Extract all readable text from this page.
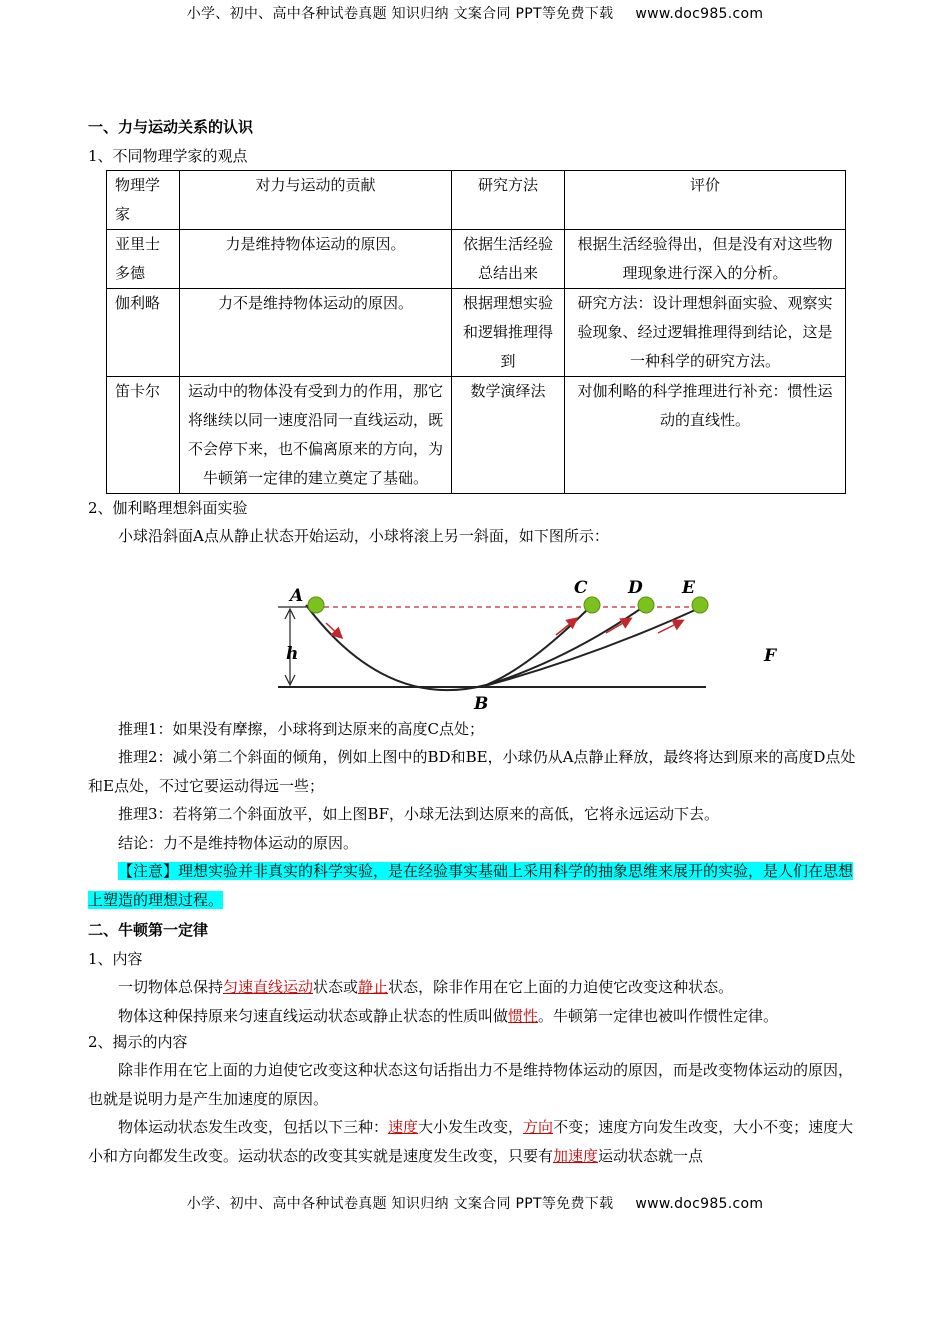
小学、初中、高中各种试卷真题 知识归纳 文案合同 PPT等免费下载 www.doc985.com
一、力与运动关系的认识
1、不同物理学家的观点
物理学家	对力与运动的贡献	研究方法	评价
亚里士多德	力是维持物体运动的原因。	依据生活经验总结出来	根据生活经验得出，但是没有对这些物理现象进行深入的分析。
伽利略	力不是维持物体运动的原因。	根据理想实验和逻辑推理得到	研究方法：设计理想斜面实验、观察实验现象、经过逻辑推理得到结论，这是一种科学的研究方法。
笛卡尔	运动中的物体没有受到力的作用，那它将继续以同一速度沿同一直线运动，既不会停下来，也不偏离原来的方向，为牛顿第一定律的建立奠定了基础。	数学演绎法	对伽利略的科学推理进行补充：惯性运动的直线性。
2、伽利略理想斜面实验

小球沿斜面A点从静止状态开始运动，小球将滚上另一斜面，如下图所示：

h
A
B
C D E
F

推理1：如果没有摩擦，小球将到达原来的高度C点处；

推理2：减小第二个斜面的倾角，例如上图中的BD和BE，小球仍从A点静止释放，最终将达到原来的高度D点处和E点处，不过它要运动得远一些；

推理3：若将第二个斜面放平，如上图BF，小球无法到达原来的高低，它将永远运动下去。

结论：力不是维持物体运动的原因。

【注意】理想实验并非真实的科学实验，是在经验事实基础上采用科学的抽象思维来展开的实验，是人们在思想上塑造的理想过程。

二、牛顿第一定律
1、内容

一切物体总保持匀速直线运动状态或静止状态，除非作用在它上面的力迫使它改变这种状态。

物体这种保持原来匀速直线运动状态或静止状态的性质叫做惯性。牛顿第一定律也被叫作惯性定律。

2、揭示的内容

除非作用在它上面的力迫使它改变这种状态这句话指出力不是维持物体运动的原因，而是改变物体运动的原因，也就是说明力是产生加速度的原因。

物体运动状态发生改变，包括以下三种：速度大小发生改变，方向不变；速度方向发生改变，大小不变；速度大小和方向都发生改变。运动状态的改变其实就是速度发生改变，只要有加速度运动状态就一点

小学、初中、高中各种试卷真题 知识归纳 文案合同 PPT等免费下载 www.doc985.com
